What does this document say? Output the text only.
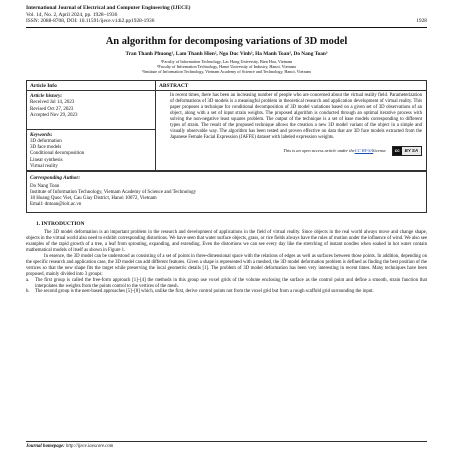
International Journal of Electrical and Computer Engineering (IJECE)
Vol. 14, No. 2, April 2024, pp. 1928~1936
ISSN: 2088-8708, DOI: 10.11591/ijece.v14i2.pp1928-1936	1928
An algorithm for decomposing variations of 3D model
Tran Thanh Phuong¹, Lam Thanh Hien², Ngo Duc Vinh³, Ha Manh Toan³, Do Nang Toan³
¹Faculty of Information Technology, Lac Hong University, Bien Hoa, Vietnam
²Faculty of Information Technology, Hanoi University of Industry, Hanoi, Vietnam
³Institute of Information Technology, Vietnam Academy of Science and Technology, Hanoi, Vietnam
Article Info
Article history:
Received Jul 14, 2023
Revised Oct 27, 2023
Accepted Nov 29, 2023
Keywords:
3D deformation
3D face models
Conditional decomposition
Linear synthesis
Virtual reality
ABSTRACT
In recent times, there has been an increasing number of people who are concerned about the virtual reality field. Parameterization of deformations of 3D models is a meaningful problem in theoretical research and application development of virtual reality. This paper proposes a technique for conditional decomposition of 3D model variations based on a given set of 3D observations of an object, along with a set of input strain weights. The proposed algorithm is conducted through an optimal iterative process with solving the non-negative least squares problem. The output of the technique is a set of base models corresponding to different types of strain. The result of the proposed technique allows the creation a new 3D model variant of the object in a simple and visually observable way. The algorithm has been tested and proven effective on data that are 3D face models extracted from the Japanese Female Facial Expression (JAFFE) dataset with labeled expression weights.
This is an open access article under the CC BY-SA license.	cc	BY SA
Corresponding Author:
Do Nang Toan
Institute of Information Technology, Vietnam Academy of Science and Technology
18 Hoang Quoc Viet, Cau Giay District, Hanoi 10072, Vietnam
Email: dntoan@ioit.ac.vn
1. INTRODUCTION

The 3D model deformation is an important problem in the research and development of applications in the field of virtual reality. Since objects in the real world always move and change shape, objects in the virtual world also need to exhibit corresponding distortions. We have seen that water surface objects, grass, or rice fields always have the rules of motion under the influence of wind. We also see examples of the rapid growth of a tree, a leaf from sprouting, expanding, and extending. Even the distortions we can see every day like the stretching of instant noodles when soaked in hot water contain mathematical models of itself as shown in Figure 1.

In essence, the 3D model can be understood as consisting of a set of points in three-dimensional space with the relations of edges as well as surfaces between those points. In addition, depending on the specific research and application case, the 3D model can add different features. Given a shape is represented with a meshed, the 3D model deformation problem is defined as finding the best position of the vertices so that the new shape fits the target while preserving the local geometric details [1]. The problem of 3D model deformation has been very interesting in recent times. Many techniques have been proposed, mainly divided into 3 groups:

a.	The first group is called the free-form approach [1]–[4] the methods in this group use voxel grids of the volume enclosing the surface as the control point and define a smooth, strain function that interpolates the weights from the points control to the vertices of the mesh.
b.	The second group is the nest-based approaches [5]–[8] which, unlike the first, derive control points not from the voxel grid but from a rough scaffold grid surrounding the input.
Journal homepage: http://ijece.iaescore.com
